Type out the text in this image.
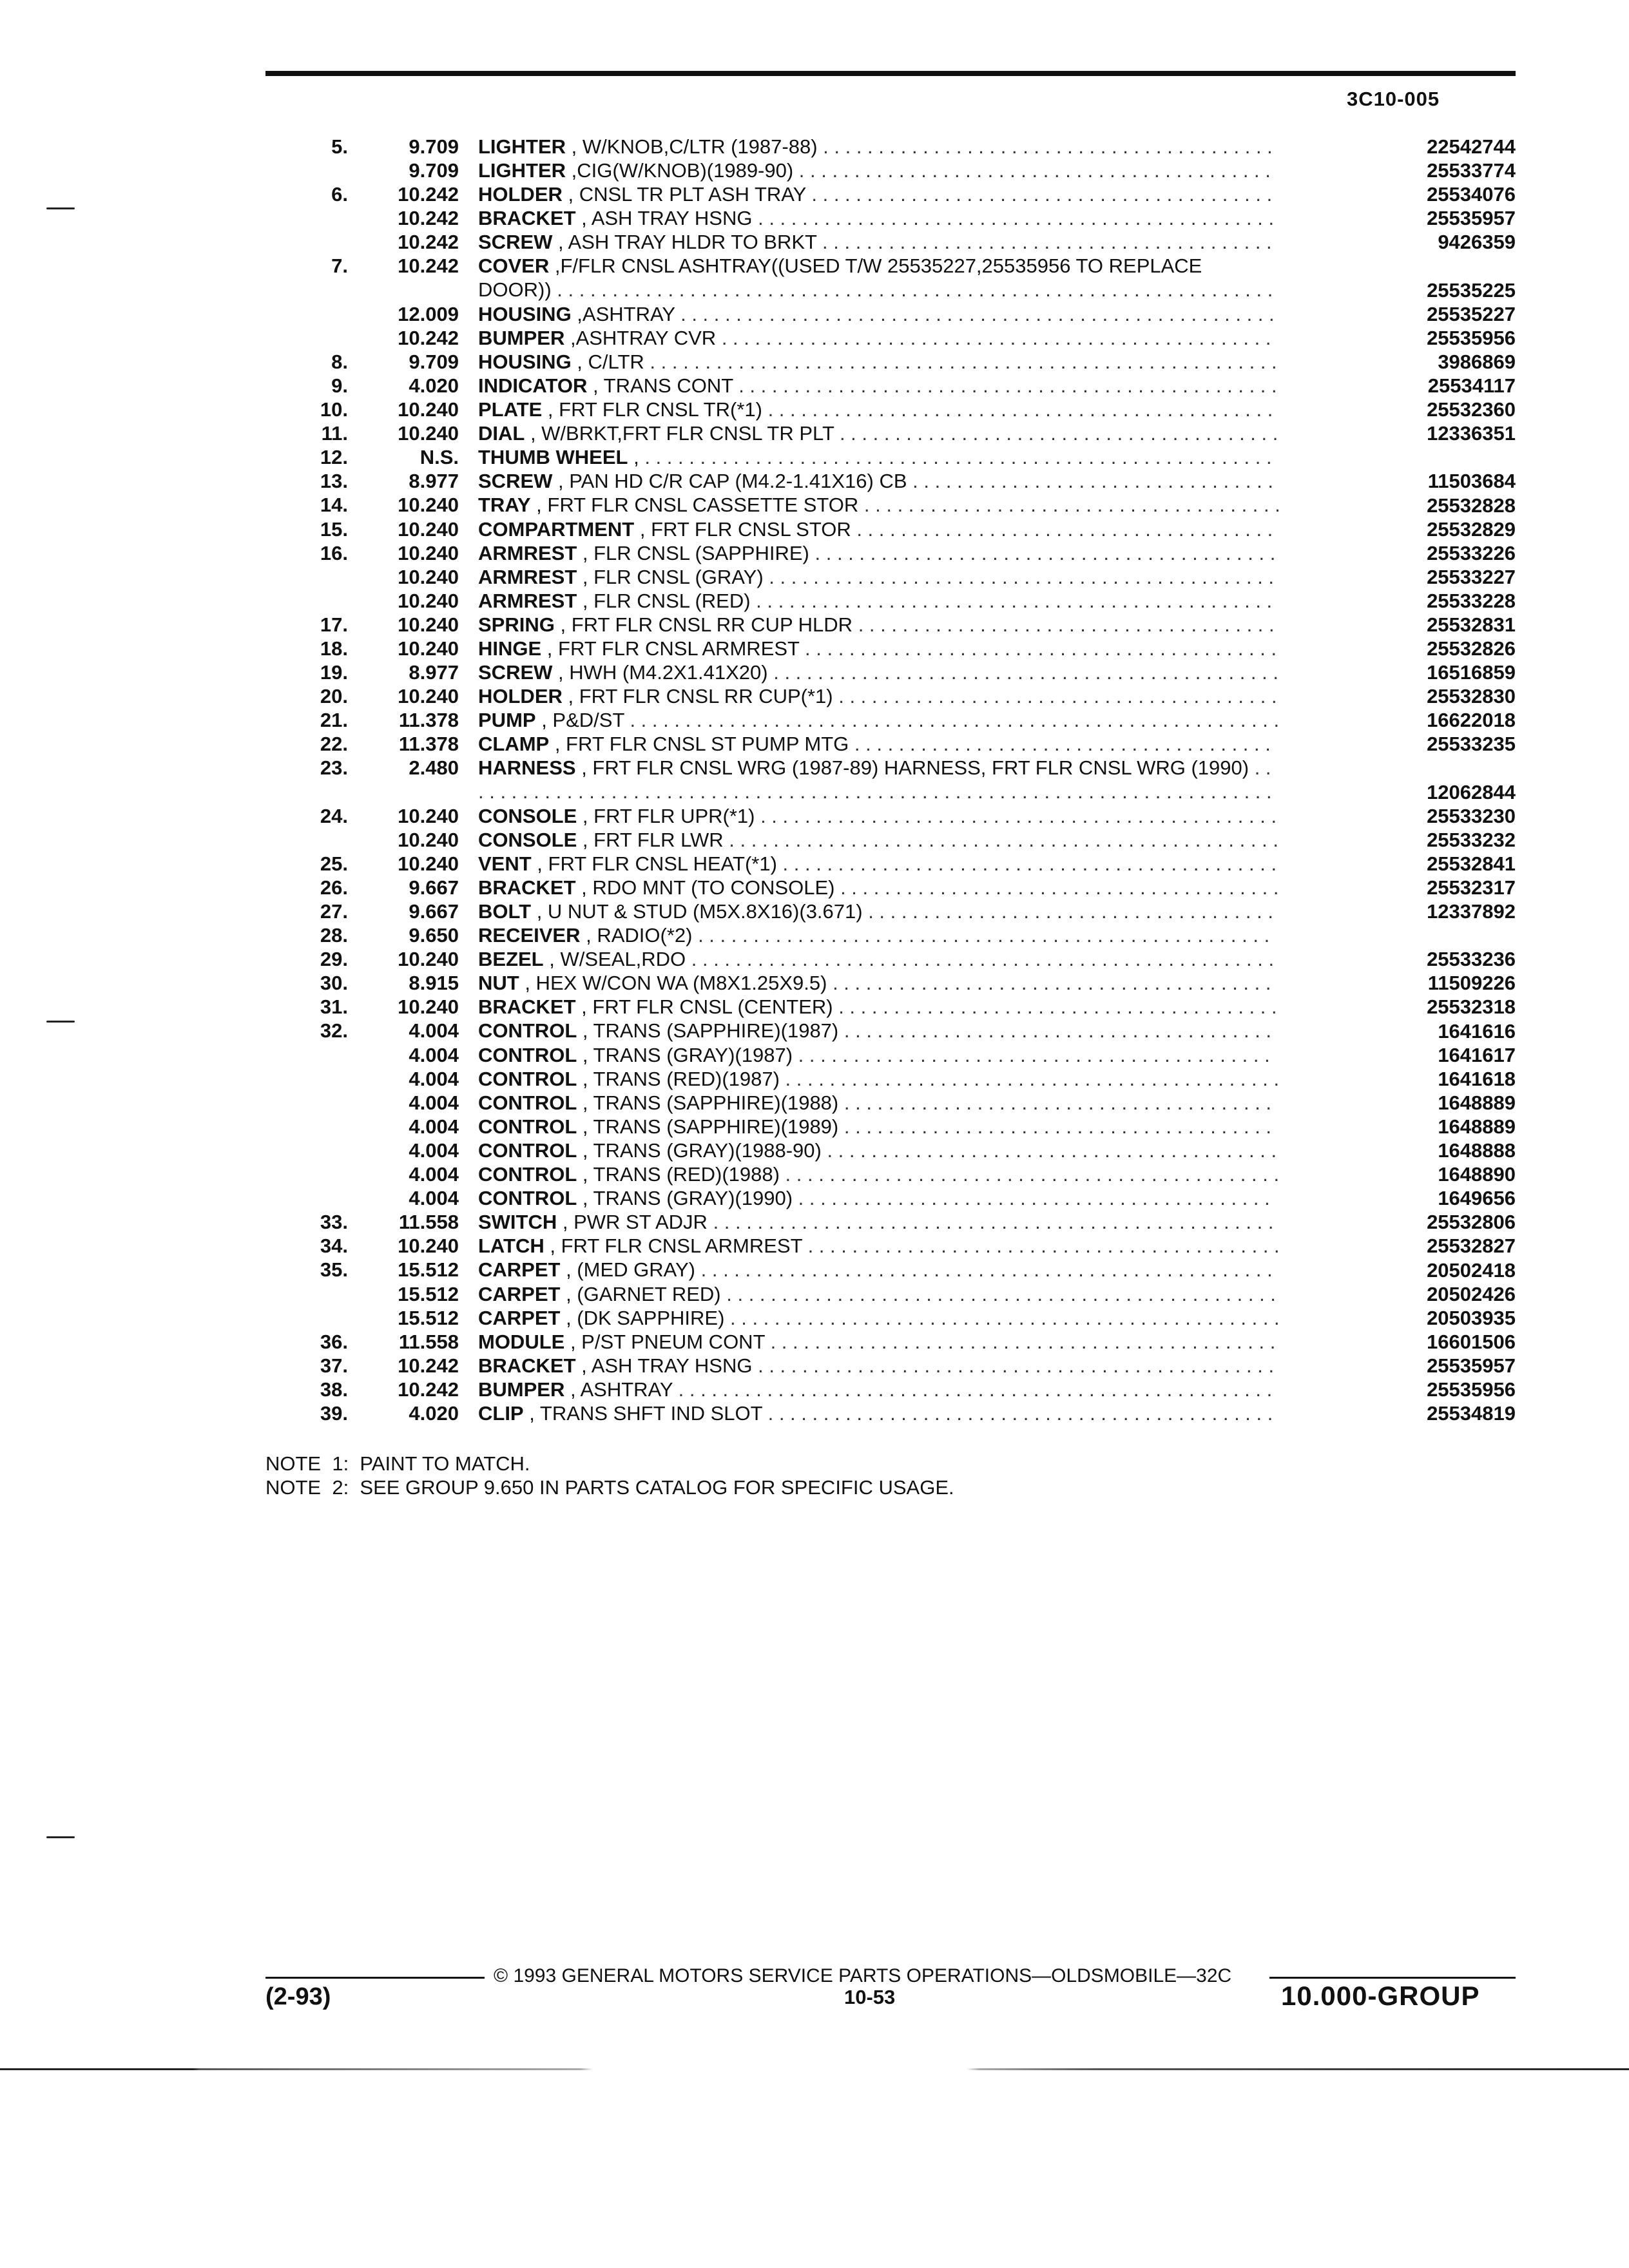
3C10-005
5.	9.709 LIGHTER , W/KNOB,C/LTR (1987-88) . . .	22542744
9.709 LIGHTER ,CIG(W/KNOB)(1989-90) . . .	25533774
6.	10.242 HOLDER , CNSL TR PLT ASH TRAY . . .	25534076
10.242 BRACKET , ASH TRAY HSNG . . .	25535957
10.242 SCREW , ASH TRAY HLDR TO BRKT . . .	9426359
7.	10.242 COVER ,F/FLR CNSL ASHTRAY((USED T/W 25535227,25535956 TO REPLACE DOOR)) . . .	25535225
12.009 HOUSING ,ASHTRAY . . .	25535227
10.242 BUMPER ,ASHTRAY CVR . . .	25535956
8.	9.709 HOUSING , C/LTR . . .	3986869
9.	4.020 INDICATOR , TRANS CONT . . .	25534117
10.	10.240 PLATE , FRT FLR CNSL TR(*1) . . .	25532360
11.	10.240 DIAL , W/BRKT,FRT FLR CNSL TR PLT . . .	12336351
12.	N.S. THUMB WHEEL , . . .
13.	8.977 SCREW , PAN HD C/R CAP (M4.2-1.41X16) CB . . .	11503684
14.	10.240 TRAY , FRT FLR CNSL CASSETTE STOR . . .	25532828
15.	10.240 COMPARTMENT , FRT FLR CNSL STOR . . .	25532829
16.	10.240 ARMREST , FLR CNSL (SAPPHIRE) . . .	25533226
10.240 ARMREST , FLR CNSL (GRAY) . . .	25533227
10.240 ARMREST , FLR CNSL (RED) . . .	25533228
17.	10.240 SPRING , FRT FLR CNSL RR CUP HLDR . . .	25532831
18.	10.240 HINGE , FRT FLR CNSL ARMREST . . .	25532826
19.	8.977 SCREW , HWH (M4.2X1.41X20) . . .	16516859
20.	10.240 HOLDER , FRT FLR CNSL RR CUP(*1) . . .	25532830
21.	11.378 PUMP , P&D/ST . . .	16622018
22.	11.378 CLAMP , FRT FLR CNSL ST PUMP MTG . . .	25533235
23.	2.480 HARNESS , FRT FLR CNSL WRG (1987-89) HARNESS, FRT FLR CNSL WRG (1990) . . .
12062844
24.	10.240 CONSOLE , FRT FLR UPR(*1) . . .	25533230
10.240 CONSOLE , FRT FLR LWR . . .	25533232
25.	10.240 VENT , FRT FLR CNSL HEAT(*1) . . .	25532841
26.	9.667 BRACKET , RDO MNT (TO CONSOLE) . . .	25532317
27.	9.667 BOLT , U NUT & STUD (M5X.8X16)(3.671) . . .	12337892
28.	9.650 RECEIVER , RADIO(*2) . . .
29.	10.240 BEZEL , W/SEAL,RDO . . .	25533236
30.	8.915 NUT , HEX W/CON WA (M8X1.25X9.5) . . .	11509226
31.	10.240 BRACKET , FRT FLR CNSL (CENTER) . . .	25532318
32.	4.004 CONTROL , TRANS (SAPPHIRE)(1987) . . .	1641616
4.004 CONTROL , TRANS (GRAY)(1987) . . .	1641617
4.004 CONTROL , TRANS (RED)(1987) . . .	1641618
4.004 CONTROL , TRANS (SAPPHIRE)(1988) . . .	1648889
4.004 CONTROL , TRANS (SAPPHIRE)(1989) . . .	1648889
4.004 CONTROL , TRANS (GRAY)(1988-90) . . .	1648888
4.004 CONTROL , TRANS (RED)(1988) . . .	1648890
4.004 CONTROL , TRANS (GRAY)(1990) . . .	1649656
33.	11.558 SWITCH , PWR ST ADJR . . .	25532806
34.	10.240 LATCH , FRT FLR CNSL ARMREST . . .	25532827
35.	15.512 CARPET , (MED GRAY) . . .	20502418
15.512 CARPET , (GARNET RED) . . .	20502426
15.512 CARPET , (DK SAPPHIRE) . . .	20503935
36.	11.558 MODULE , P/ST PNEUM CONT . . .	16601506
37.	10.242 BRACKET , ASH TRAY HSNG . . .	25535957
38.	10.242 BUMPER , ASHTRAY . . .	25535956
39.	4.020 CLIP , TRANS SHFT IND SLOT . . .	25534819
NOTE  1:  PAINT TO MATCH.
NOTE  2:  SEE GROUP 9.650 IN PARTS CATALOG FOR SPECIFIC USAGE.
© 1993 GENERAL MOTORS SERVICE PARTS OPERATIONS—OLDSMOBILE—32C
(2-93)	10-53	10.000-GROUP
